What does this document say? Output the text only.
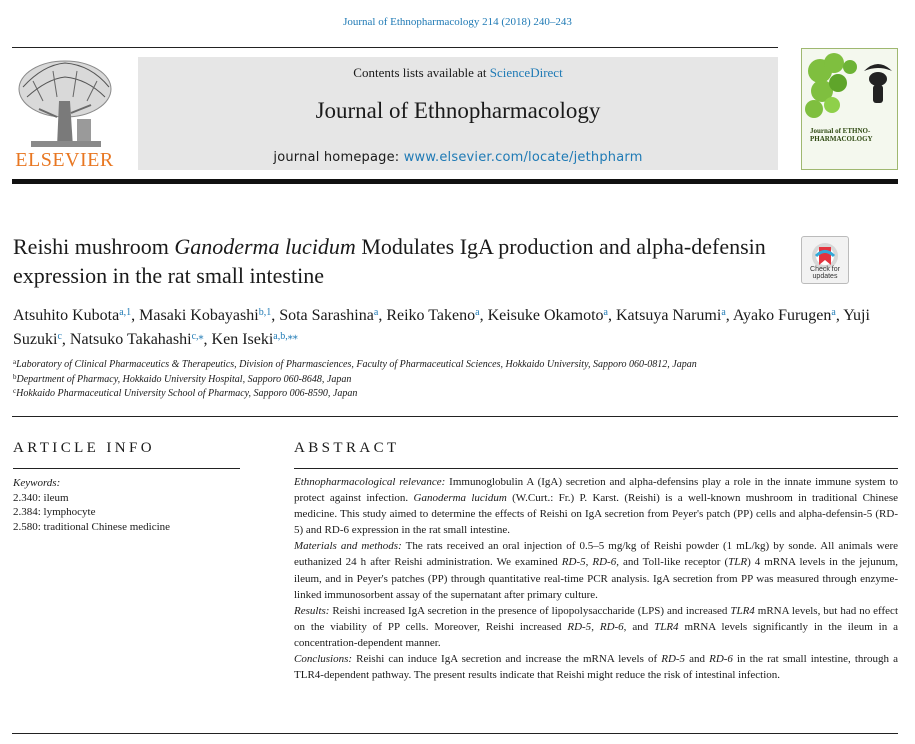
Journal of Ethnopharmacology 214 (2018) 240–243
ELSEVIER
Contents lists available at ScienceDirect
Journal of Ethnopharmacology
journal homepage: www.elsevier.com/locate/jethpharm
Journal of ETHNO- PHARMACOLOGY
Reishi mushroom Ganoderma lucidum Modulates IgA production and alpha-defensin expression in the rat small intestine	Check for updates
Atsuhito Kubota$^{a,1}$, Masaki Kobayashi$^{b,1}$, Sota Sarashina$^a$, Reiko Takeno$^a$, Keisuke Okamoto$^a$, Katsuya Narumi$^a$, Ayako Furugen$^a$, Yuji Suzuki$^c$, Natsuko Takahashi$^{c,⁎}$, Ken Iseki$^{a,b,⁎⁎}$
$^a$Laboratory of Clinical Pharmaceutics & Therapeutics, Division of Pharmasciences, Faculty of Pharmaceutical Sciences, Hokkaido University, Sapporo 060-0812, Japan
$^b$Department of Pharmacy, Hokkaido University Hospital, Sapporo 060-8648, Japan
$^c$Hokkaido Pharmaceutical University School of Pharmacy, Sapporo 006-8590, Japan
ARTICLE INFO
Keywords:
2.340: ileum
2.384: lymphocyte
2.580: traditional Chinese medicine
ABSTRACT

Ethnopharmacological relevance: Immunoglobulin A (IgA) secretion and alpha-defensins play a role in the innate immune system to protect against infection. Ganoderma lucidum (W.Curt.: Fr.) P. Karst. (Reishi) is a well-known mushroom in traditional Chinese medicine. This study aimed to determine the effects of Reishi on IgA secretion from Peyer's patch (PP) cells and alpha-defensin-5 (RD-5) and RD-6 expression in the rat small intestine.

Materials and methods: The rats received an oral injection of 0.5–5 mg/kg of Reishi powder (1 mL/kg) by sonde. All animals were euthanized 24 h after Reishi administration. We examined RD-5, RD-6, and Toll-like receptor (TLR) 4 mRNA levels in the jejunum, ileum, and in Peyer's patches (PP) through quantitative real-time PCR analysis. IgA secretion from PP was measured through enzyme-linked immunosorbent assay of the supernatant after primary culture.

Results: Reishi increased IgA secretion in the presence of lipopolysaccharide (LPS) and increased TLR4 mRNA levels, but had no effect on the viability of PP cells. Moreover, Reishi increased RD-5, RD-6, and TLR4 mRNA levels significantly in the ileum in a concentration-dependent manner.

Conclusions: Reishi can induce IgA secretion and increase the mRNA levels of RD-5 and RD-6 in the rat small intestine, through a TLR4-dependent pathway. The present results indicate that Reishi might reduce the risk of intestinal infection.
